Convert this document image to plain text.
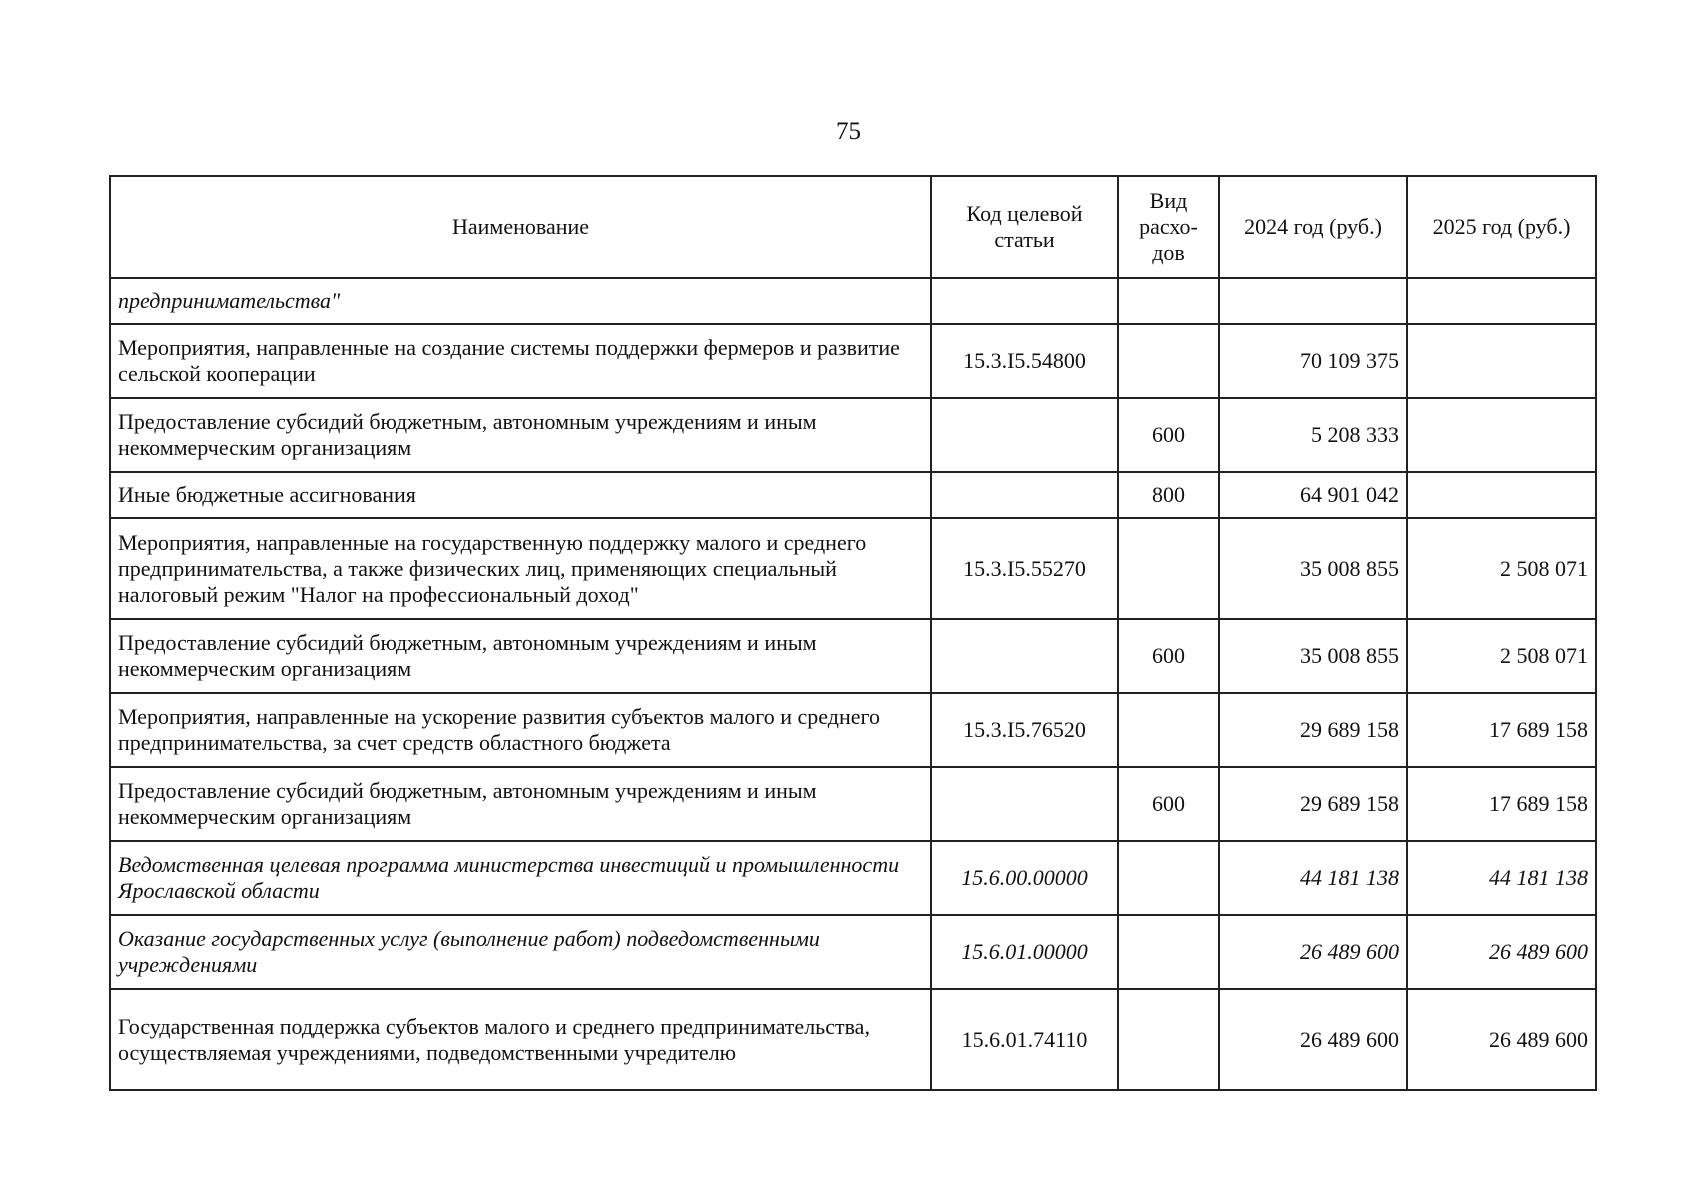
75
Наименование	Код целевой статьи	Вид расхо-дов	2024 год (руб.)	2025 год (руб.)
предпринимательства"				
Мероприятия, направленные на создание системы поддержки фермеров и развитие сельской кооперации	15.3.I5.54800		70 109 375	
Предоставление субсидий бюджетным, автономным учреждениям и иным некоммерческим организациям		600	5 208 333	
Иные бюджетные ассигнования		800	64 901 042	
Мероприятия, направленные на государственную поддержку малого и среднего предпринимательства, а также физических лиц, применяющих специальный налоговый режим "Налог на профессиональный доход"	15.3.I5.55270		35 008 855	2 508 071
Предоставление субсидий бюджетным, автономным учреждениям и иным некоммерческим организациям		600	35 008 855	2 508 071
Мероприятия, направленные на ускорение развития субъектов малого и среднего предпринимательства, за счет средств областного бюджета	15.3.I5.76520		29 689 158	17 689 158
Предоставление субсидий бюджетным, автономным учреждениям и иным некоммерческим организациям		600	29 689 158	17 689 158
Ведомственная целевая программа министерства инвестиций и промышленности Ярославской области	15.6.00.00000		44 181 138	44 181 138
Оказание государственных услуг (выполнение работ) подведомственными учреждениями	15.6.01.00000		26 489 600	26 489 600
Государственная поддержка субъектов малого и среднего предпринимательства, осуществляемая учреждениями, подведомственными учредителю	15.6.01.74110		26 489 600	26 489 600
